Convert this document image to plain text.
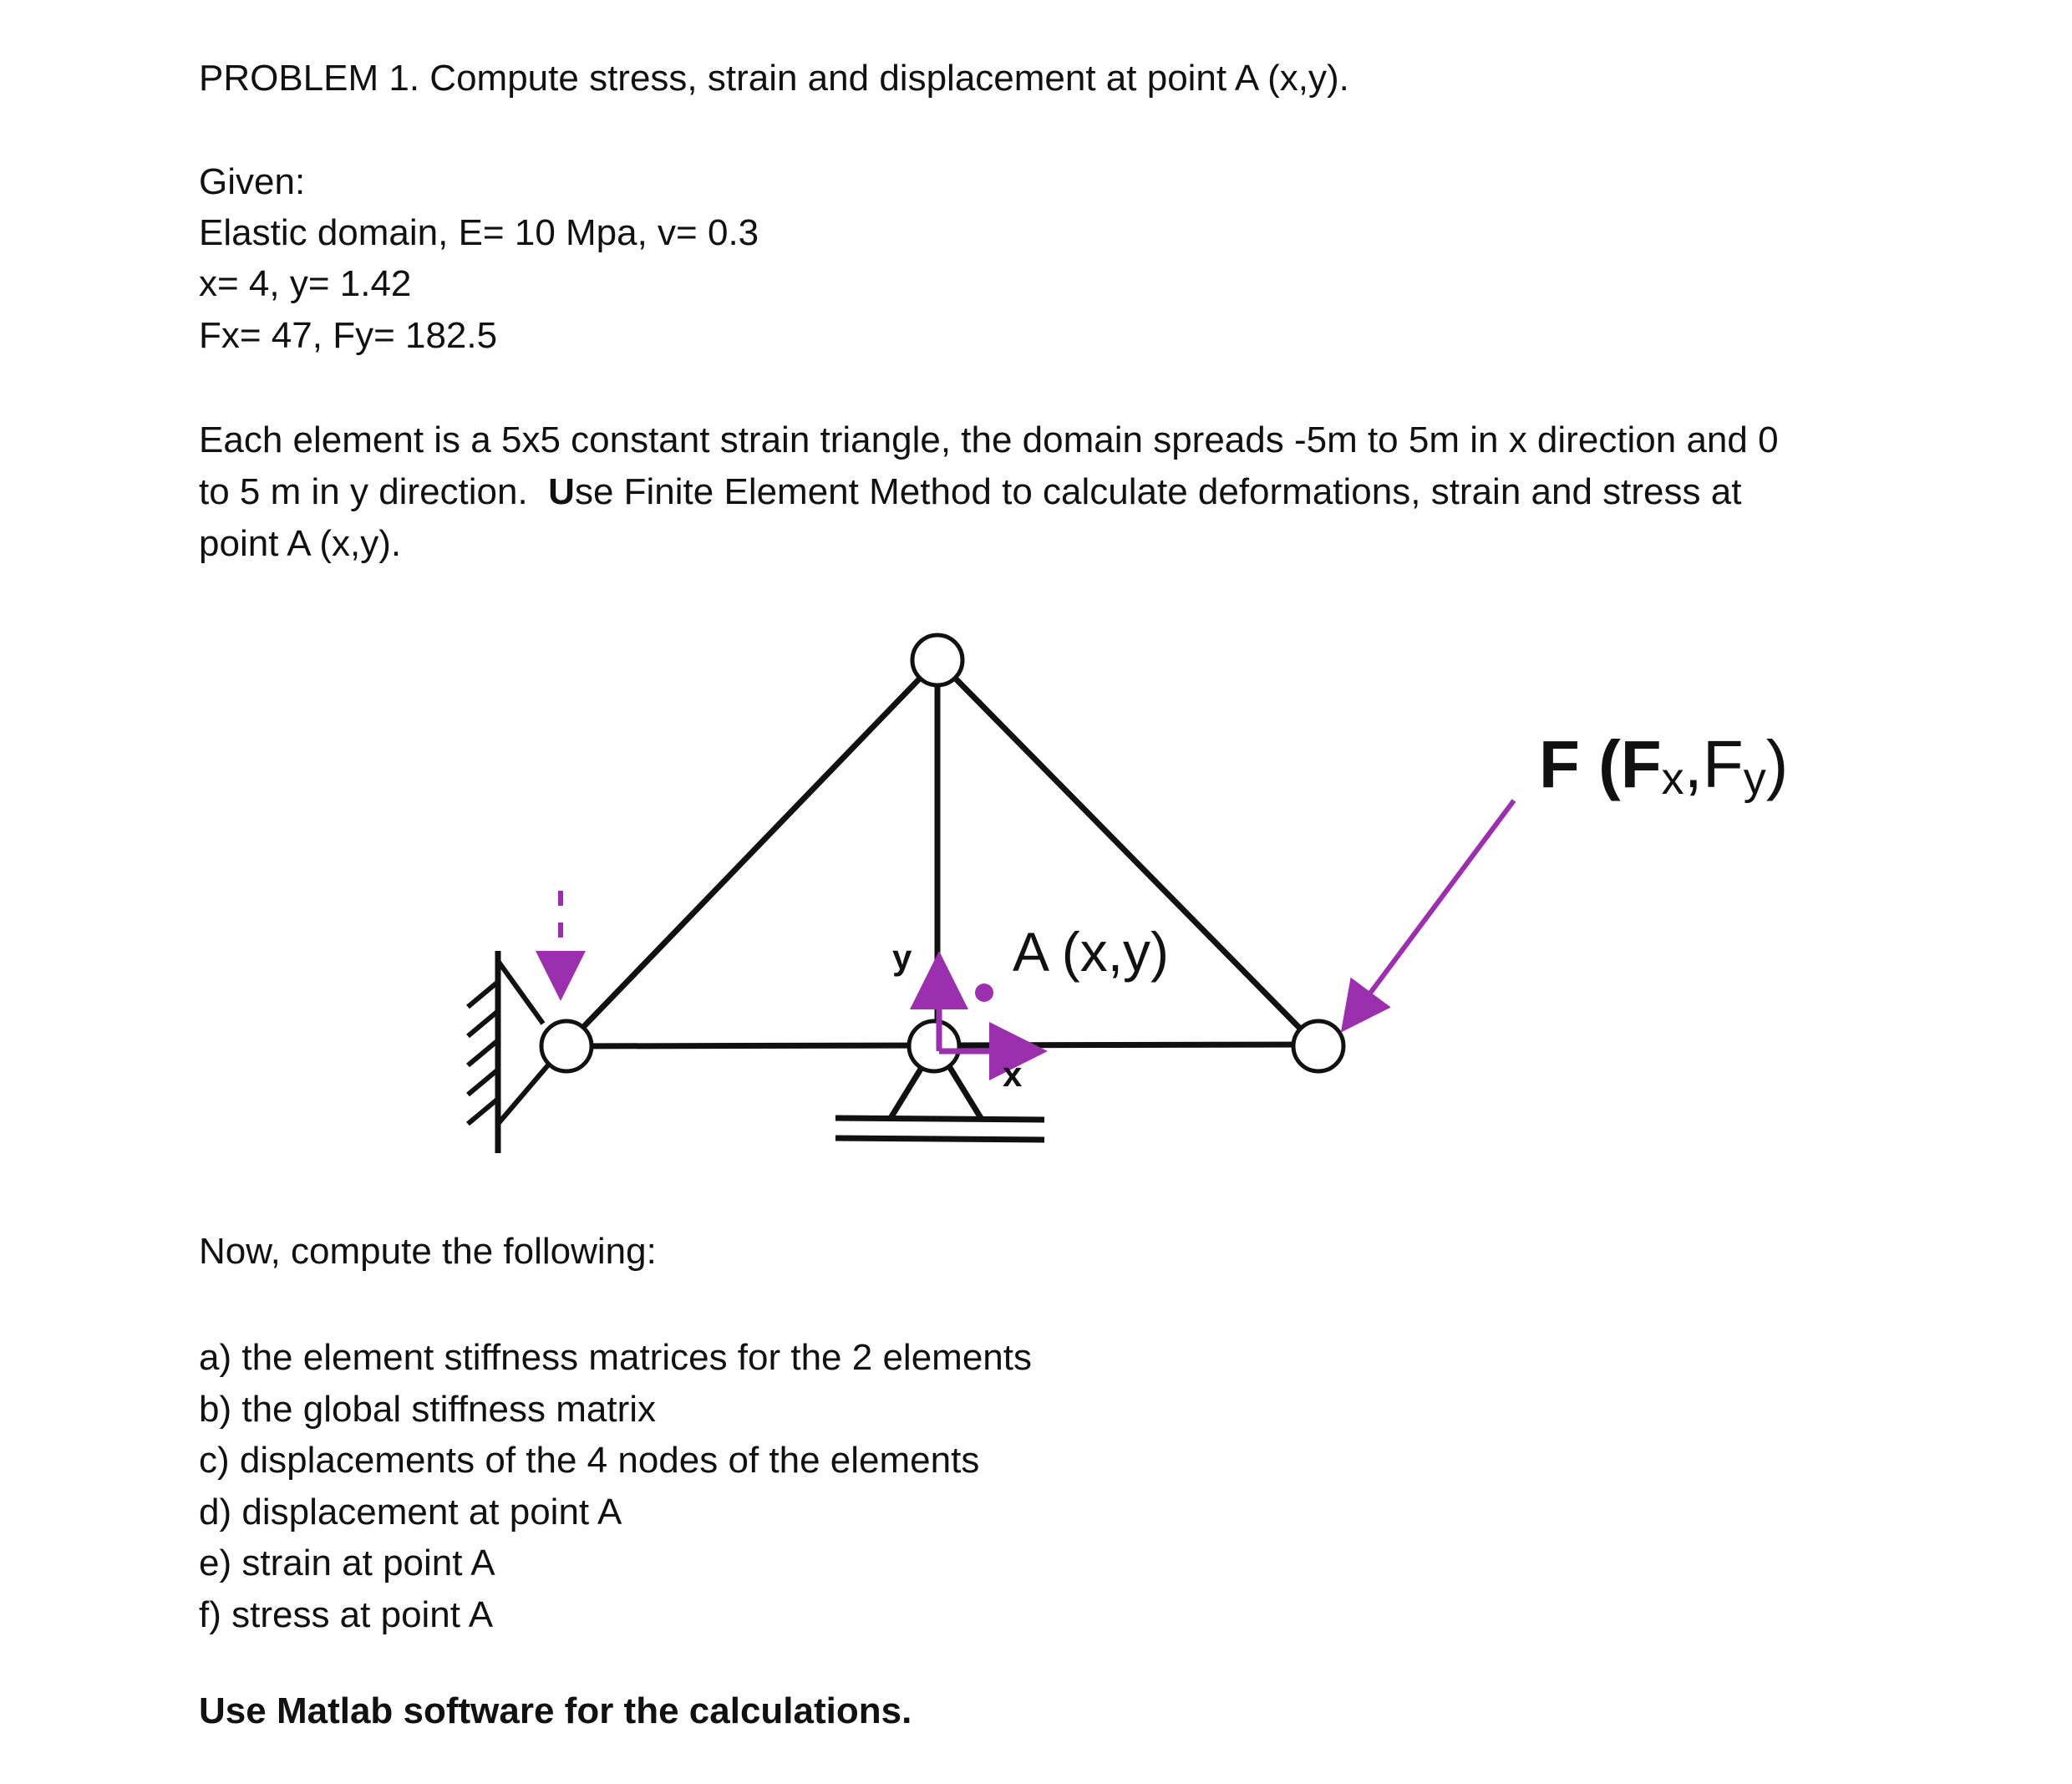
PROBLEM 1. Compute stress, strain and displacement at point A (x,y).

Given:

Elastic domain, E= 10 Mpa, v= 0.3

x= 4, y= 1.42

Fx= 47, Fy= 182.5

Each element is a 5x5 constant strain triangle, the domain spreads -5m to 5m in x direction and 0

to 5 m in y direction.  Use Finite Element Method to calculate deformations, strain and stress at

point A (x,y).

y
x
A (x,y)
F (Fx,Fy)

Now, compute the following:

a) the element stiffness matrices for the 2 elements
b) the global stiffness matrix
c) displacements of the 4 nodes of the elements
d) displacement at point A
e) strain at point A
f) stress at point A

Use Matlab software for the calculations.
